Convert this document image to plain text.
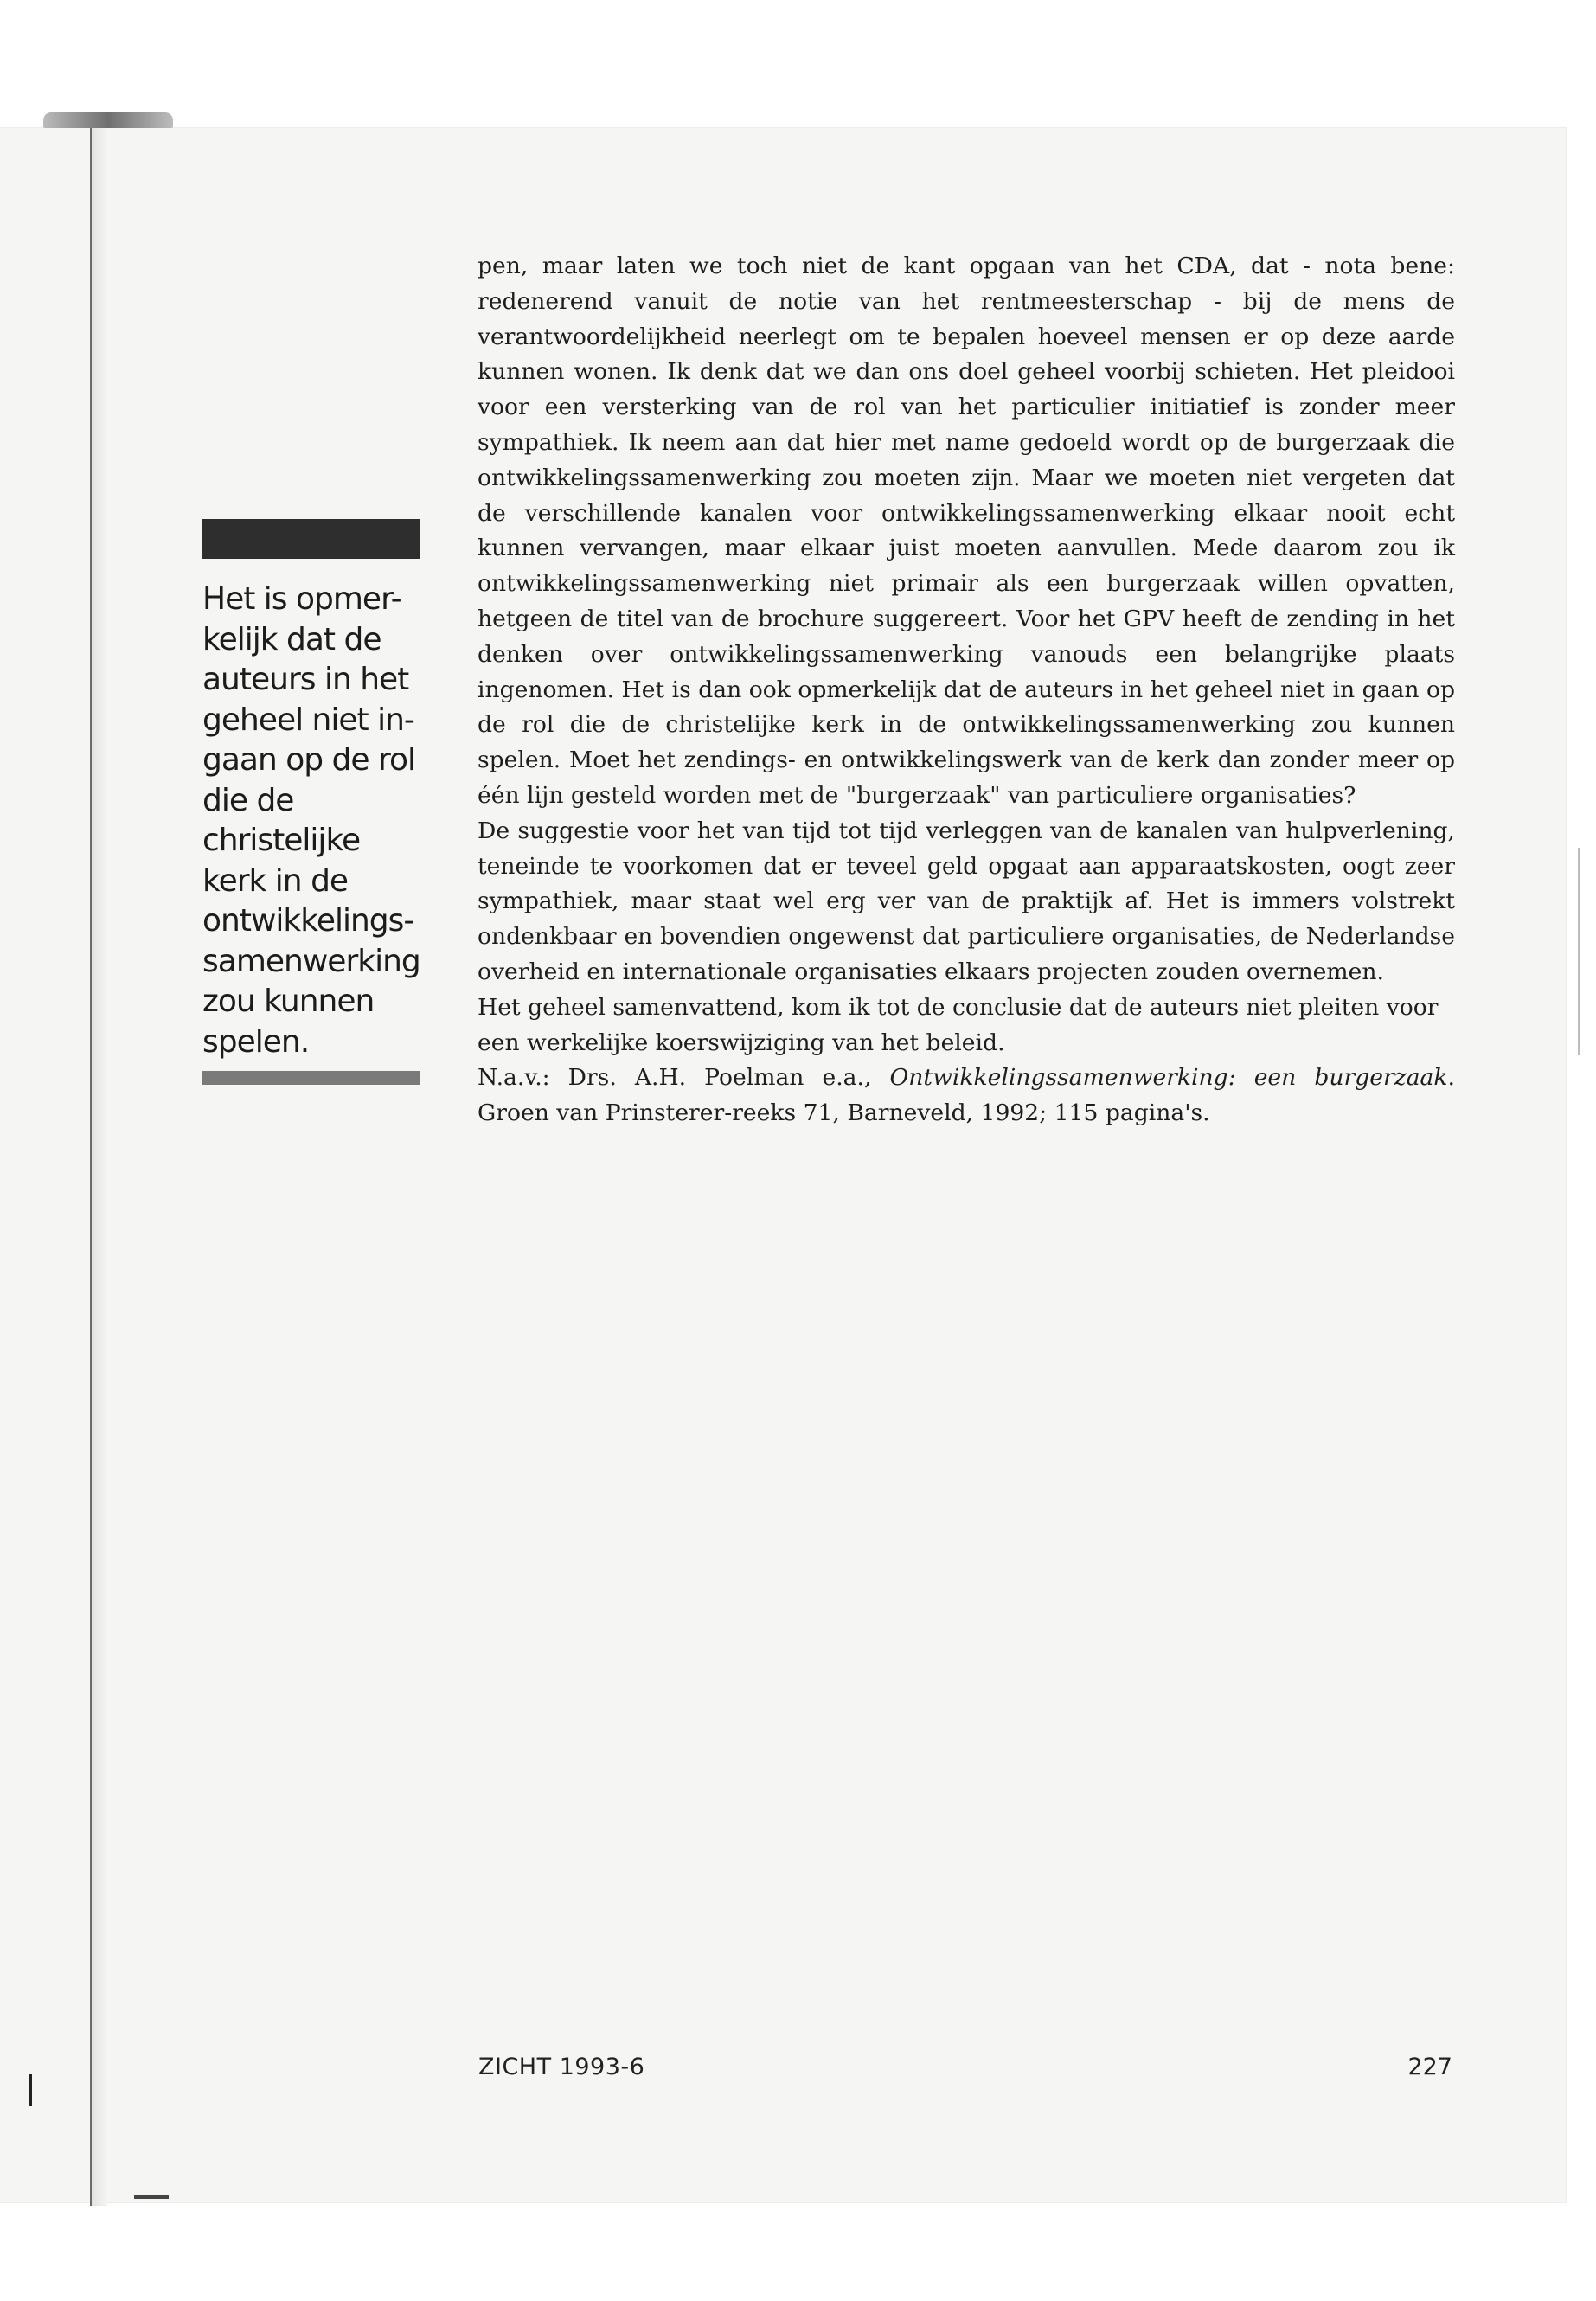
Het is opmer-
kelijk dat de
auteurs in het
geheel niet in-
gaan op de rol
die de
christelijke
kerk in de
ontwikkelings-
samenwerking
zou kunnen
spelen.

pen, maar laten we toch niet de kant opgaan van het CDA, dat - nota bene: redenerend vanuit de notie van het rentmeesterschap - bij de mens de verantwoordelijkheid neerlegt om te bepalen hoeveel mensen er op deze aarde kunnen wonen. Ik denk dat we dan ons doel geheel voorbij schieten. Het pleidooi voor een versterking van de rol van het particulier initiatief is zonder meer sympathiek. Ik neem aan dat hier met name gedoeld wordt op de burgerzaak die ontwikkelingssamenwerking zou moeten zijn. Maar we moeten niet vergeten dat de verschillende kanalen voor ontwikkelingssamenwerking elkaar nooit echt kunnen vervangen, maar elkaar juist moeten aanvullen. Mede daarom zou ik ontwikkelingssamenwerking niet primair als een burgerzaak willen opvatten, hetgeen de titel van de brochure suggereert. Voor het GPV heeft de zending in het denken over ontwikkelingssamenwerking vanouds een belangrijke plaats ingenomen. Het is dan ook opmerkelijk dat de auteurs in het geheel niet in gaan op de rol die de christelijke kerk in de ontwikkelingssamenwerking zou kunnen spelen. Moet het zendings- en ontwikkelingswerk van de kerk dan zonder meer op één lijn gesteld worden met de "burgerzaak" van particuliere organisaties?

De suggestie voor het van tijd tot tijd verleggen van de kanalen van hulpverlening, teneinde te voorkomen dat er teveel geld opgaat aan apparaatskosten, oogt zeer sympathiek, maar staat wel erg ver van de praktijk af. Het is immers volstrekt ondenkbaar en bovendien ongewenst dat particuliere organisaties, de Nederlandse overheid en internationale organisaties elkaars projecten zouden overnemen.

Het geheel samenvattend, kom ik tot de conclusie dat de auteurs niet pleiten voor een werkelijke koerswijziging van het beleid.

N.a.v.: Drs. A.H. Poelman e.a., Ontwikkelingssamenwerking: een burgerzaak. Groen van Prinsterer-reeks 71, Barneveld, 1992; 115 pagina's.

ZICHT 1993-6	227
